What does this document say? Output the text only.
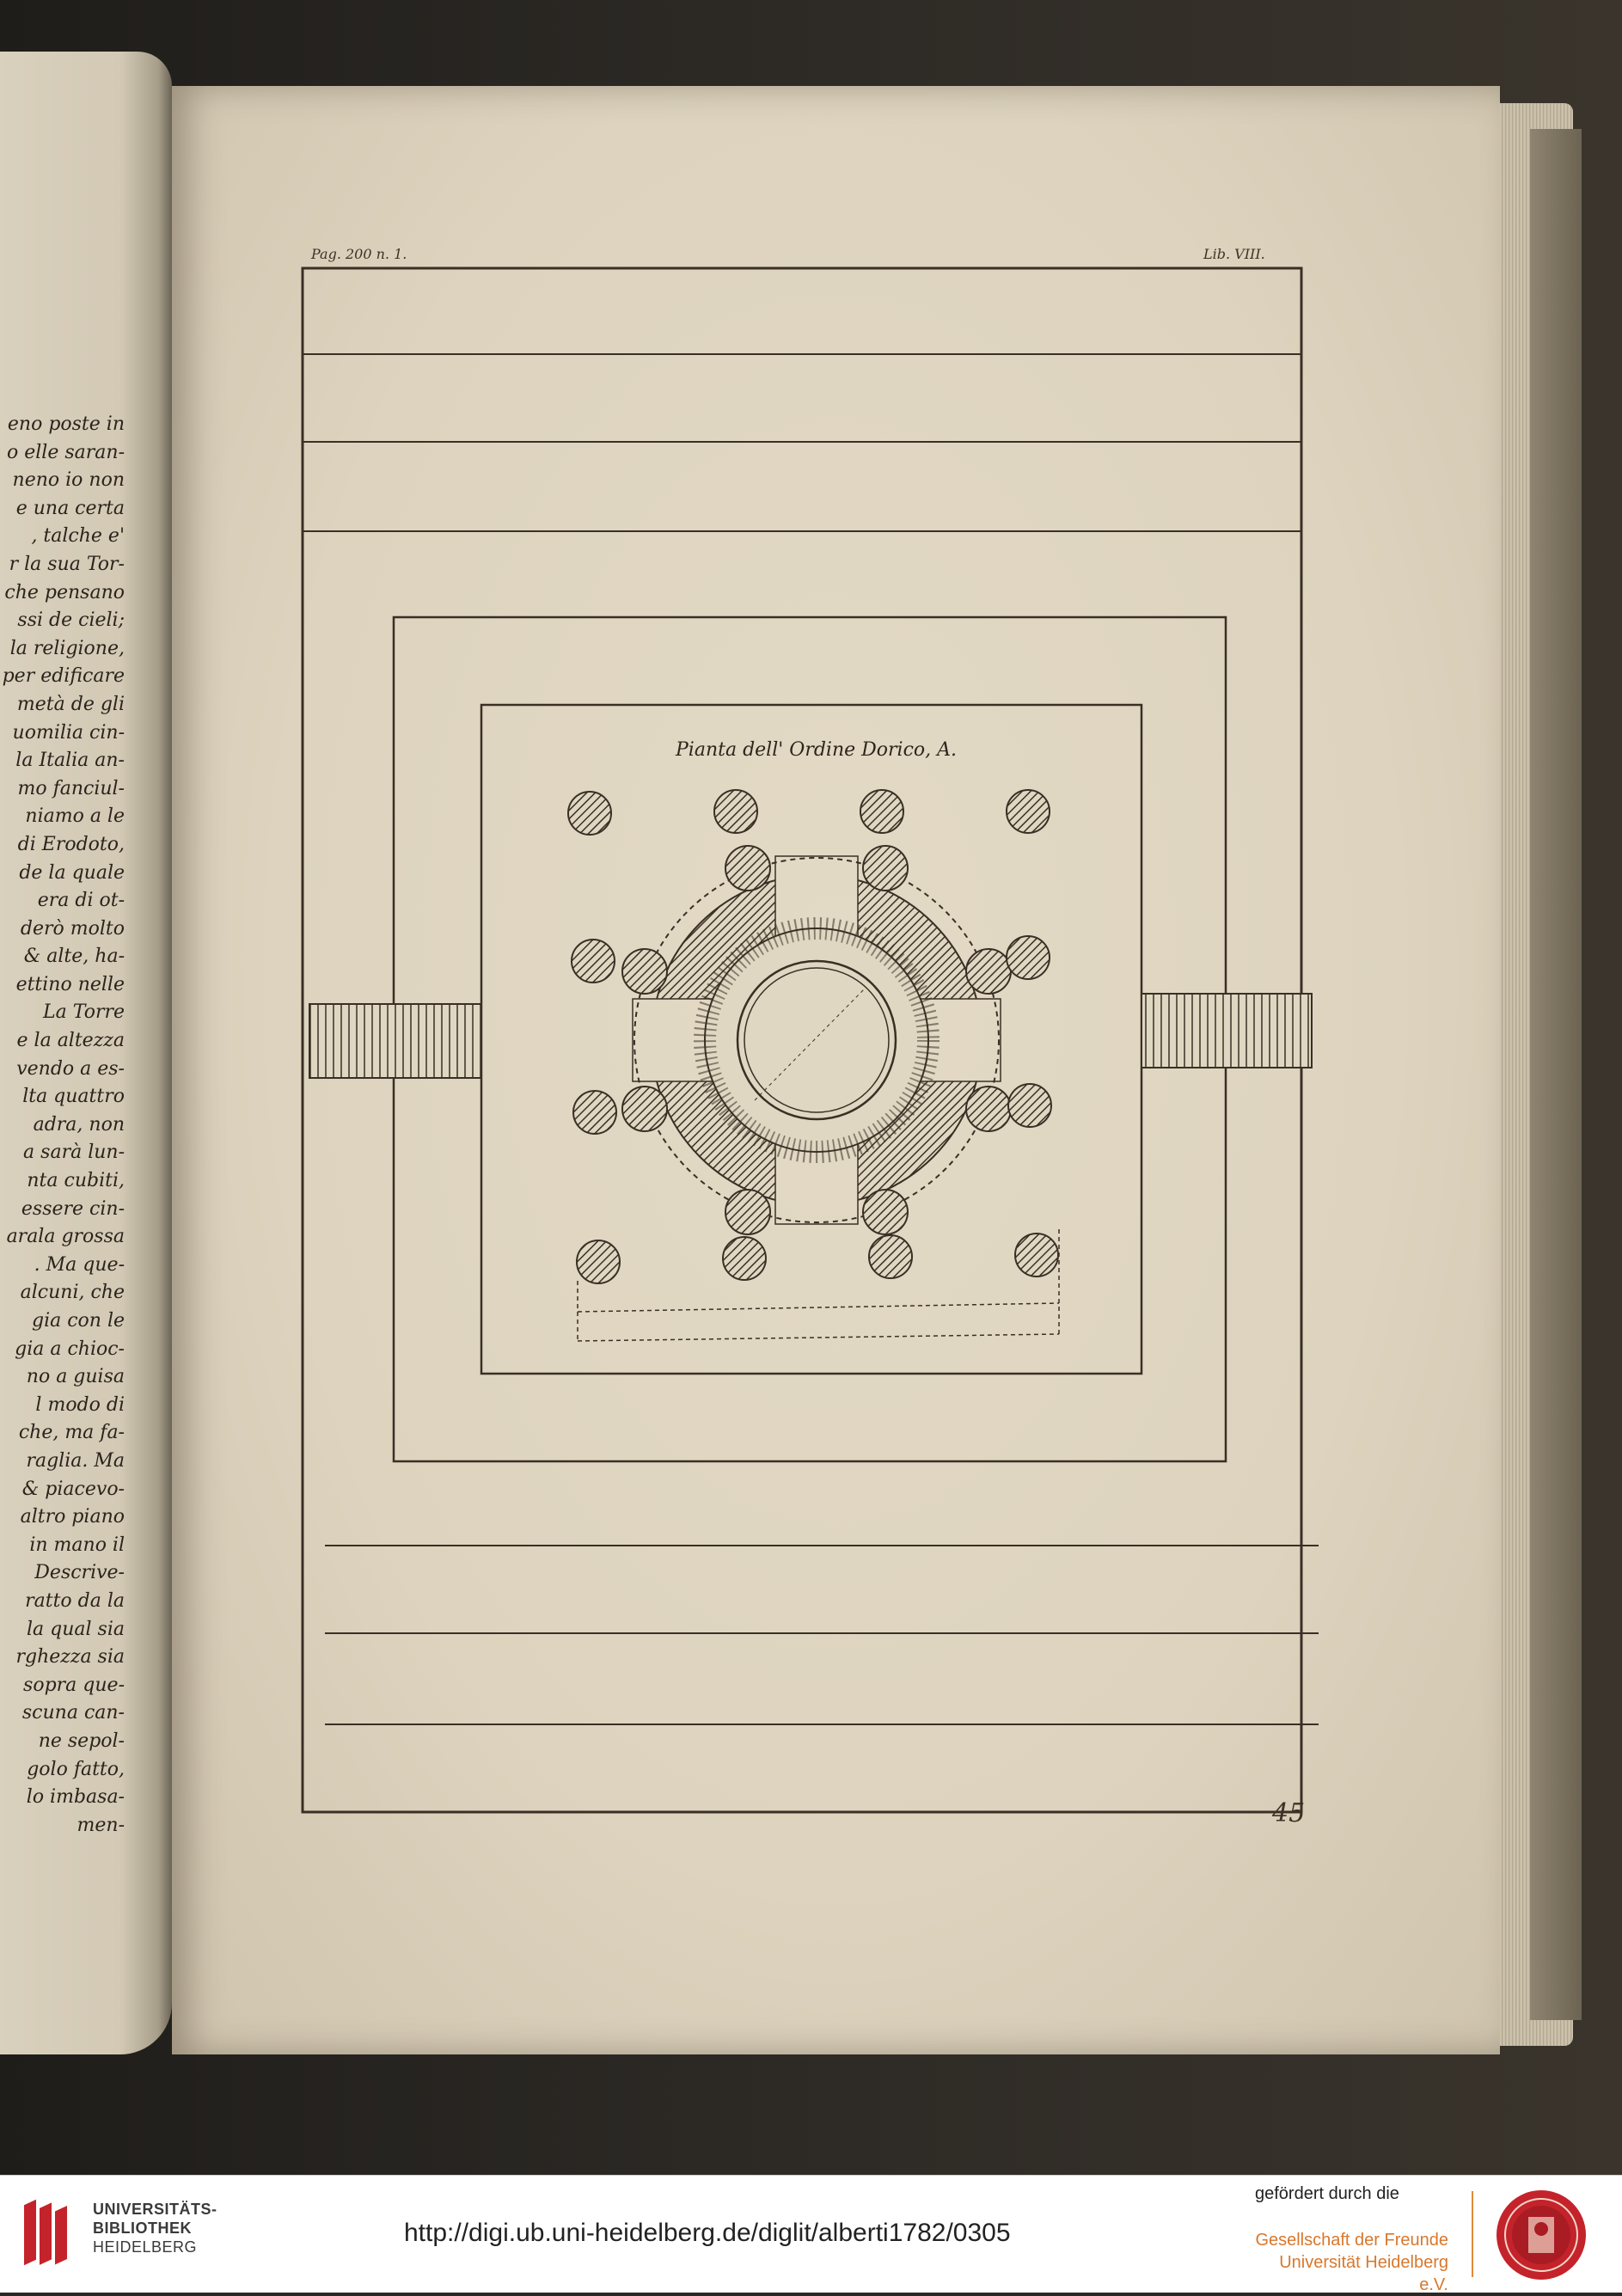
eno poste in
o elle saran-
neno io non
e una certa
, talche e'
r la sua Tor-
che pensano
ssi de cieli;
la religione,
per edificare
metà de gli
uomilia cin-
la Italia an-
mo fanciul-
niamo a le
di Erodoto,
de la quale
era di ot-
derò molto
& alte, ha-
ettino nelle
La Torre
e la altezza
vendo a es-
lta quattro
adra, non
a sarà lun-
nta cubiti,
essere cin-
arala grossa
. Ma que-
alcuni, che
gia con le
gia a chioc-
no a guisa
l modo di
che, ma fa-
raglia. Ma
& piacevo-
altro piano
in mano il
Descrive-
ratto da la
la qual sia
rghezza sia
sopra que-
scuna can-
ne sepol-
golo fatto,
lo imbasa-
men-
Pag. 200 n. 1.	Lib. VIII.
Pianta dell' Ordine Dorico, A.
45
UNIVERSITÄTS-
BIBLIOTHEK
HEIDELBERG	http://digi.ub.uni-heidelberg.de/diglit/alberti1782/0305
gefördert durch die
Gesellschaft der Freunde
Universität Heidelberg e.V.
